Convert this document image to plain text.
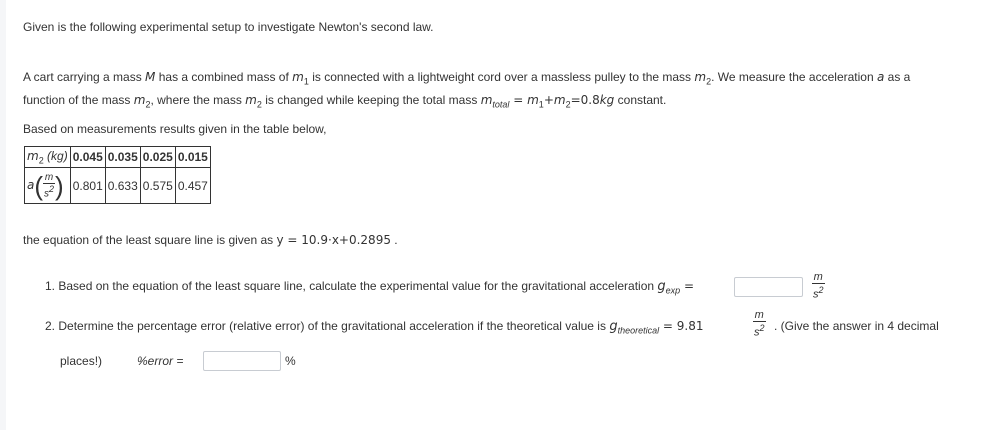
Given is the following experimental setup to investigate Newton's second law.
A cart carrying a mass M has a combined mass of $m_1$ is connected with a lightweight cord over a massless pulley to the mass $m_2$. We measure the acceleration a as a
function of the mass $m_2$, where the mass $m_2$ is changed while keeping the total mass $m_{total} = m_1+m_2=0.8kg$ constant.
Based on measurements results given in the table below,
$m_2$ (kg)	0.045	0.035	0.025	0.015
$a( \frac{m}{s^2}$ )	0.801	0.633	0.575	0.457
the equation of the least square line is given as y = 10.9·x+0.2895 .
1. Based on the equation of the least square line, calculate the experimental value for the gravitational acceleration $g_{exp}$ =	$\frac{m}{s^2}$
2. Determine the percentage error (relative error) of the gravitational acceleration if the theoretical value is $g_{theoretical} = 9.81$	$\frac{m}{s^2}$ . (Give the answer in 4 decimal
places!)	%error =	%
